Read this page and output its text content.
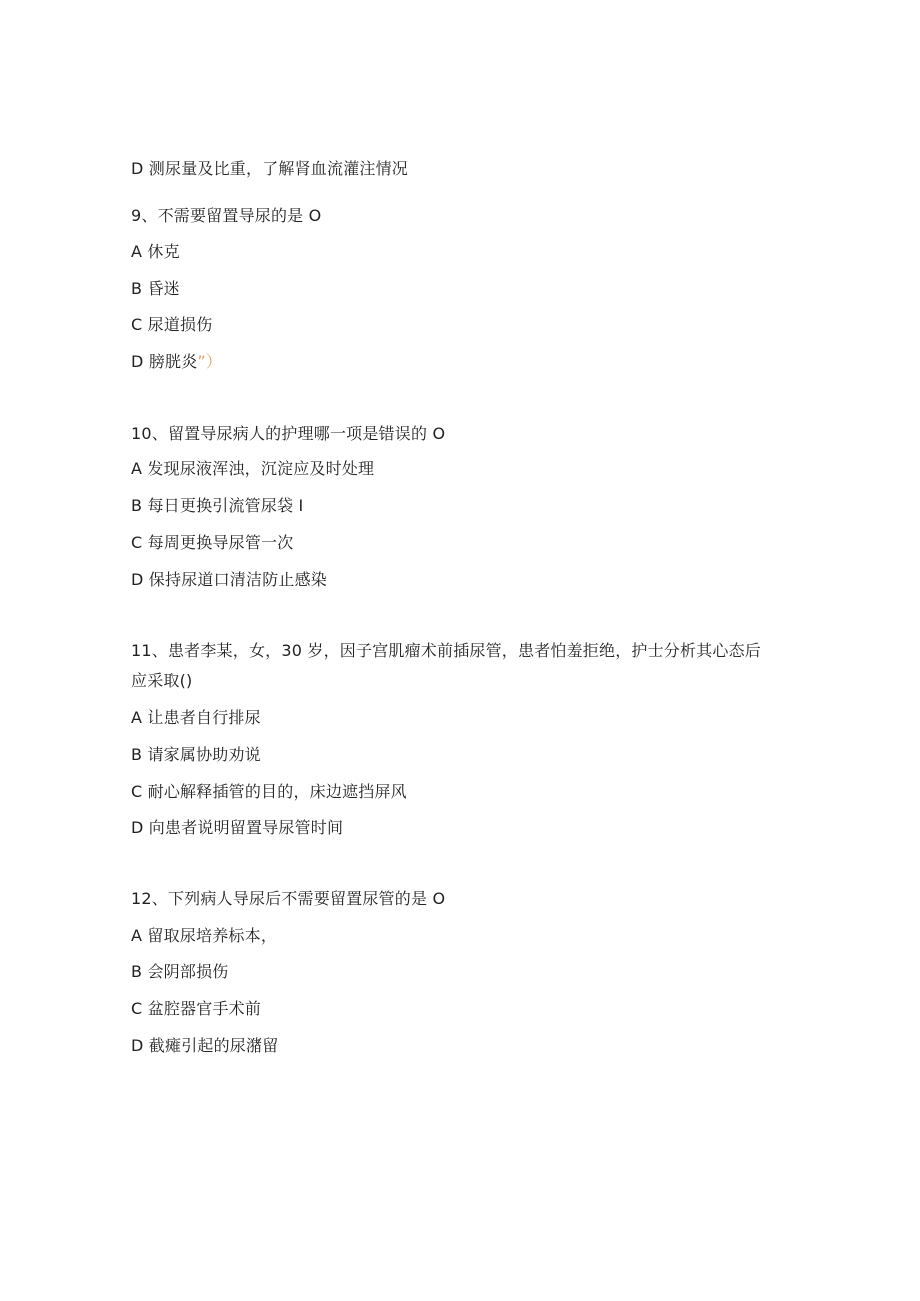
D 测尿量及比重，了解肾血流灌注情况
9、不需要留置导尿的是 O
A 休克
B 昏迷
C 尿道损伤
D 膀胱炎”）
10、留置导尿病人的护理哪一项是错误的 O
A 发现尿液浑浊，沉淀应及时处理
B 每日更换引流管尿袋 I
C 每周更换导尿管一次
D 保持尿道口清洁防止感染
11、患者李某，女，30 岁，因子宫肌瘤术前插尿管，患者怕羞拒绝，护士分析其心态后
应采取()
A 让患者自行排尿
B 请家属协助劝说
C 耐心解释插管的目的，床边遮挡屏风
D 向患者说明留置导尿管时间
12、下列病人导尿后不需要留置尿管的是 O
A 留取尿培养标本，
B 会阴部损伤
C 盆腔器官手术前
D 截瘫引起的尿潴留
